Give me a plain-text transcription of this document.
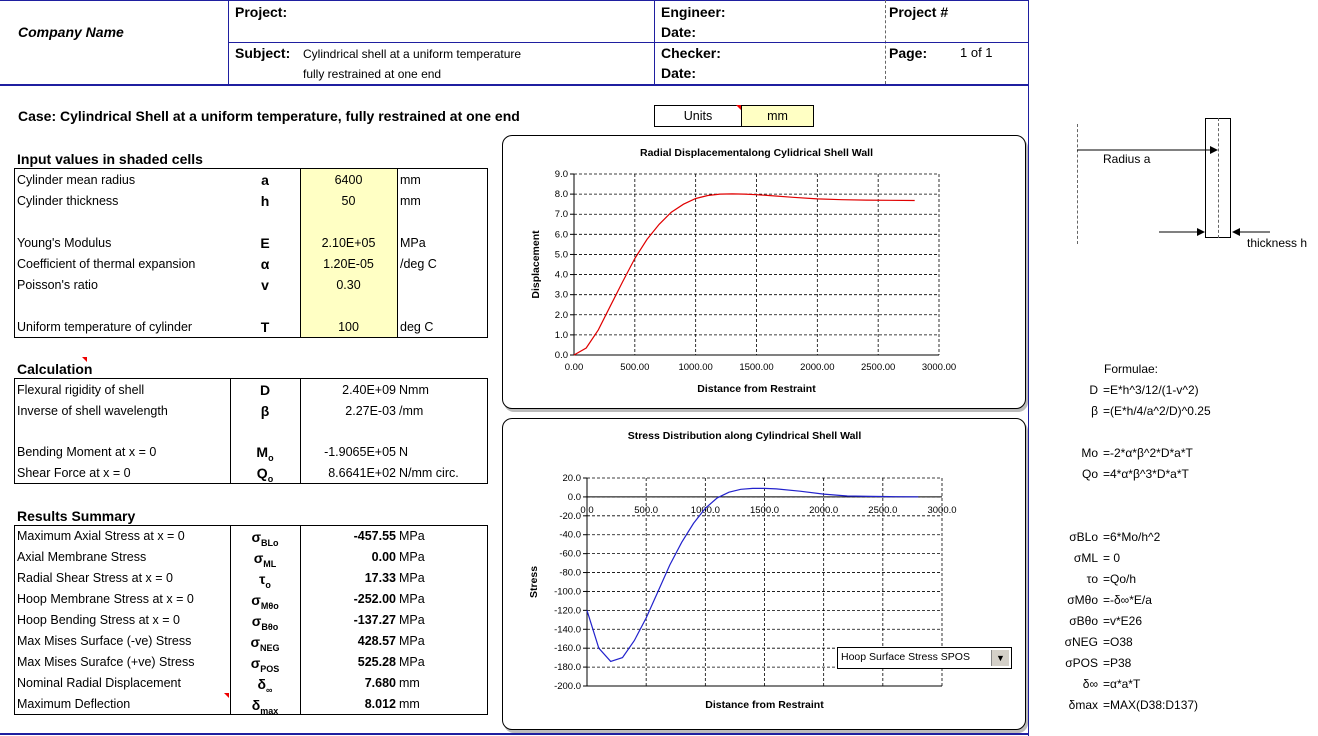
Company Name
Project:	Engineer:
Date:
Project #
Subject: Cylindrical shell at a uniform temperature
fully restrained at one end
Checker:
Date:
Page:	1 of 1
Case: Cylindrical Shell at a uniform temperature, fully restrained at one end	Units	mm
Input values in shaded cells
Cylinder mean radius	a	6400	mm
Cylinder thickness	h	50	mm
Young's Modulus	E	2.10E+05	MPa
Coefficient of thermal expansion	α	1.20E-05	/deg C
Poisson's ratio	v	0.30
Uniform temperature of cylinder	T	100	deg C
Calculation
Flexural rigidity of shell	D	2.40E+09 Nmm
Inverse of shell wavelength	β	2.27E-03 /mm
Bending Moment at x = 0	$M_o$	-1.9065E+05 N
Shear Force at x = 0	$Q_o$	8.6641E+02 N/mm circ.
Results Summary
Maximum Axial Stress at x = 0	$\sigma_{BLo}$	-457.55 MPa
Axial Membrane Stress	$\sigma_{ML}$	0.00 MPa
Radial Shear Stress at x = 0	$\tau_o$	17.33 MPa
Hoop Membrane Stress at x = 0	$\sigma_{M\theta o}$	-252.00 MPa
Hoop Bending Stress at x = 0	$\sigma_{B\theta o}$	-137.27 MPa
Max Mises Surface (-ve) Stress	$\sigma_{NEG}$	428.57 MPa
Max Mises Surafce (+ve) Stress	$\sigma_{POS}$	525.28 MPa
Nominal Radial Displacement	$\delta_\infty$	7.680 mm
Maximum Deflection	$\delta_{max}$	8.012 mm
Radial Displacementalong Cylidrical Shell Wall
0.00	500.00	1000.00	1500.00	2000.00	2500.00	3000.00
0.0
1.0
2.0
3.0
4.0
5.0
6.0
7.0
8.0
9.0
Distance from Restraint
Displacement
Stress Distribution along Cylindrical Shell Wall
0.0	500.0	1000.0	1500.0	2000.0	2500.0	3000.0
-200.0
-180.0
-160.0
-140.0
-120.0
-100.0
-80.0
-60.0
-40.0
-20.0
0.0
20.0
Distance from Restraint
Stress
Hoop Surface Stress SPOS	▼
Radius a
thickness h
Formulae:
D =E*h^3/12/(1-v^2)
β =(E*h/4/a^2/D)^0.25
Mo =-2*α*β^2*D*a*T
Qo =4*α*β^3*D*a*T
σBLo =6*Mo/h^2
σML = 0
τo =Qo/h
σMθo =-δ∞*E/a
σBθo =v*E26
σNEG =O38
σPOS =P38
δ∞ =α*a*T
δmax =MAX(D38:D137)
